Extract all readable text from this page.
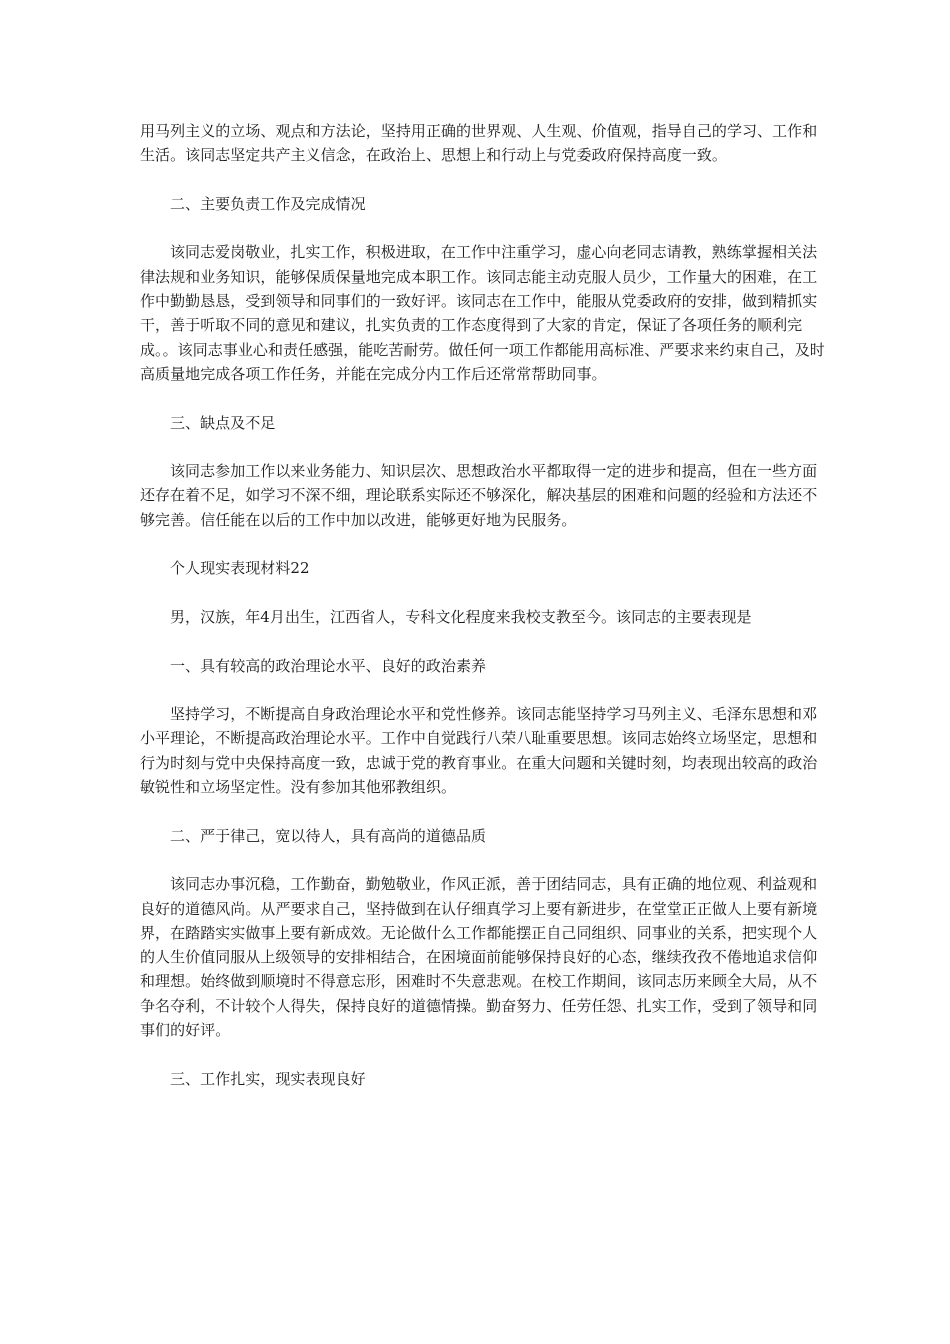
用马列主义的立场、观点和方法论，坚持用正确的世界观、人生观、价值观，指导自己的学习、工作和生活。该同志坚定共产主义信念，在政治上、思想上和行动上与党委政府保持高度一致。

二、主要负责工作及完成情况

该同志爱岗敬业，扎实工作，积极进取，在工作中注重学习，虚心向老同志请教，熟练掌握相关法律法规和业务知识，能够保质保量地完成本职工作。该同志能主动克服人员少，工作量大的困难，在工作中勤勤恳恳，受到领导和同事们的一致好评。该同志在工作中，能服从党委政府的安排，做到精抓实干，善于听取不同的意见和建议，扎实负责的工作态度得到了大家的肯定，保证了各项任务的顺利完成。。该同志事业心和责任感强，能吃苦耐劳。做任何一项工作都能用高标准、严要求来约束自己，及时高质量地完成各项工作任务，并能在完成分内工作后还常常帮助同事。

三、缺点及不足

该同志参加工作以来业务能力、知识层次、思想政治水平都取得一定的进步和提高，但在一些方面还存在着不足，如学习不深不细，理论联系实际还不够深化，解决基层的困难和问题的经验和方法还不够完善。信任能在以后的工作中加以改进，能够更好地为民服务。

个人现实表现材料22

男，汉族，年4月出生，江西省人，专科文化程度来我校支教至今。该同志的主要表现是

一、具有较高的政治理论水平、良好的政治素养

坚持学习，不断提高自身政治理论水平和党性修养。该同志能坚持学习马列主义、毛泽东思想和邓小平理论，不断提高政治理论水平。工作中自觉践行八荣八耻重要思想。该同志始终立场坚定，思想和行为时刻与党中央保持高度一致，忠诚于党的教育事业。在重大问题和关键时刻，均表现出较高的政治敏锐性和立场坚定性。没有参加其他邪教组织。

二、严于律己，宽以待人，具有高尚的道德品质

该同志办事沉稳，工作勤奋，勤勉敬业，作风正派，善于团结同志，具有正确的地位观、利益观和良好的道德风尚。从严要求自己，坚持做到在认仔细真学习上要有新进步，在堂堂正正做人上要有新境界，在踏踏实实做事上要有新成效。无论做什么工作都能摆正自己同组织、同事业的关系，把实现个人的人生价值同服从上级领导的安排相结合，在困境面前能够保持良好的心态，继续孜孜不倦地追求信仰和理想。始终做到顺境时不得意忘形，困难时不失意悲观。在校工作期间，该同志历来顾全大局，从不争名夺利，不计较个人得失，保持良好的道德情操。勤奋努力、任劳任怨、扎实工作，受到了领导和同事们的好评。

三、工作扎实，现实表现良好
